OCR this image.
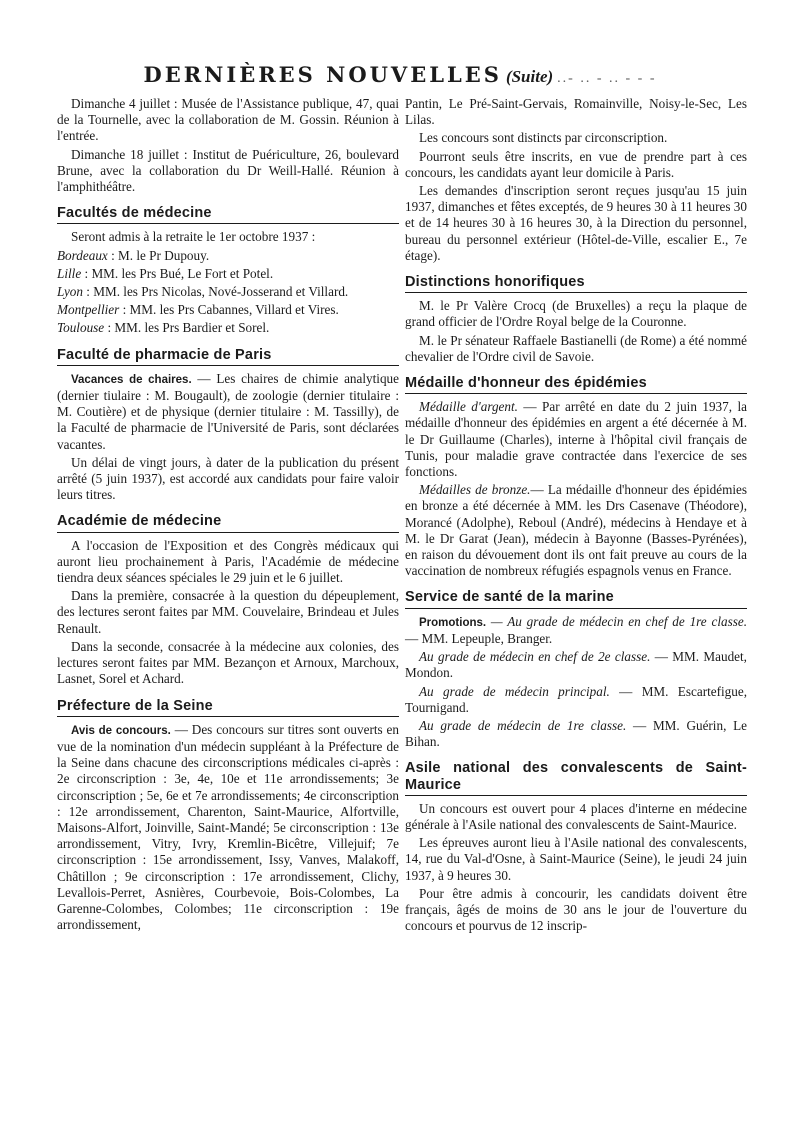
DERNIÈRES NOUVELLES (Suite) ..- .. - .. - - -

Dimanche 4 juillet : Musée de l'Assistance publique, 47, quai de la Tournelle, avec la collaboration de M. Gossin. Réunion à l'entrée.

Dimanche 18 juillet : Institut de Puériculture, 26, boulevard Brune, avec la collaboration du Dr Weill-Hallé. Réunion à l'amphithéâtre.

Facultés de médecine

Seront admis à la retraite le 1er octobre 1937 :

Bordeaux : M. le Pr Dupouy.

Lille : MM. les Prs Bué, Le Fort et Potel.

Lyon : MM. les Prs Nicolas, Nové-Josserand et Villard.

Montpellier : MM. les Prs Cabannes, Villard et Vires.

Toulouse : MM. les Prs Bardier et Sorel.

Faculté de pharmacie de Paris

Vacances de chaires. — Les chaires de chimie analytique (dernier tiulaire : M. Bougault), de zoologie (dernier titulaire : M. Coutière) et de physique (dernier titulaire : M. Tassilly), de la Faculté de pharmacie de l'Université de Paris, sont déclarées vacantes.

Un délai de vingt jours, à dater de la publication du présent arrêté (5 juin 1937), est accordé aux candidats pour faire valoir leurs titres.

Académie de médecine

A l'occasion de l'Exposition et des Congrès médicaux qui auront lieu prochainement à Paris, l'Académie de médecine tiendra deux séances spéciales le 29 juin et le 6 juillet.

Dans la première, consacrée à la question du dépeuplement, des lectures seront faites par MM. Couvelaire, Brindeau et Jules Renault.

Dans la seconde, consacrée à la médecine aux colonies, des lectures seront faites par MM. Bezançon et Arnoux, Marchoux, Lasnet, Sorel et Achard.

Préfecture de la Seine

Avis de concours. — Des concours sur titres sont ouverts en vue de la nomination d'un médecin suppléant à la Préfecture de la Seine dans chacune des circonscriptions médicales ci-après : 2e circonscription : 3e, 4e, 10e et 11e arrondissements; 3e circonscription ; 5e, 6e et 7e arrondissements; 4e circonscription : 12e arrondissement, Charenton, Saint-Maurice, Alfortville, Maisons-Alfort, Joinville, Saint-Mandé; 5e circonscription : 13e arrondissement, Vitry, Ivry, Kremlin-Bicêtre, Villejuif; 7e circonscription : 15e arrondissement, Issy, Vanves, Malakoff, Châtillon ; 9e circonscription : 17e arrondissement, Clichy, Levallois-Perret, Asnières, Courbevoie, Bois-Colombes, La Garenne-Colombes, Colombes; 11e circonscription : 19e arrondissement,

Pantin, Le Pré-Saint-Gervais, Romainville, Noisy-le-Sec, Les Lilas.

Les concours sont distincts par circonscription.

Pourront seuls être inscrits, en vue de prendre part à ces concours, les candidats ayant leur domicile à Paris.

Les demandes d'inscription seront reçues jusqu'au 15 juin 1937, dimanches et fêtes exceptés, de 9 heures 30 à 11 heures 30 et de 14 heures 30 à 16 heures 30, à la Direction du personnel, bureau du personnel extérieur (Hôtel-de-Ville, escalier E., 7e étage).

Distinctions honorifiques

M. le Pr Valère Crocq (de Bruxelles) a reçu la plaque de grand officier de l'Ordre Royal belge de la Couronne.

M. le Pr sénateur Raffaele Bastianelli (de Rome) a été nommé chevalier de l'Ordre civil de Savoie.

Médaille d'honneur des épidémies

Médaille d'argent. — Par arrêté en date du 2 juin 1937, la médaille d'honneur des épidémies en argent a été décernée à M. le Dr Guillaume (Charles), interne à l'hôpital civil français de Tunis, pour maladie grave contractée dans l'exercice de ses fonctions.

Médailles de bronze.— La médaille d'honneur des épidémies en bronze a été décernée à MM. les Drs Casenave (Théodore), Morancé (Adolphe), Reboul (André), médecins à Hendaye et à M. le Dr Garat (Jean), médecin à Bayonne (Basses-Pyrénées), en raison du dévouement dont ils ont fait preuve au cours de la vaccination de nombreux réfugiés espagnols venus en France.

Service de santé de la marine

Promotions. — Au grade de médecin en chef de 1re classe. — MM. Lepeuple, Branger.

Au grade de médecin en chef de 2e classe. — MM. Maudet, Mondon.

Au grade de médecin principal. — MM. Escartefigue, Tournigand.

Au grade de médecin de 1re classe. — MM. Guérin, Le Bihan.

Asile national des convalescents de Saint-Maurice

Un concours est ouvert pour 4 places d'interne en médecine générale à l'Asile national des convalescents de Saint-Maurice.

Les épreuves auront lieu à l'Asile national des convalescents, 14, rue du Val-d'Osne, à Saint-Maurice (Seine), le jeudi 24 juin 1937, à 9 heures 30.

Pour être admis à concourir, les candidats doivent être français, âgés de moins de 30 ans le jour de l'ouverture du concours et pourvus de 12 inscrip-
